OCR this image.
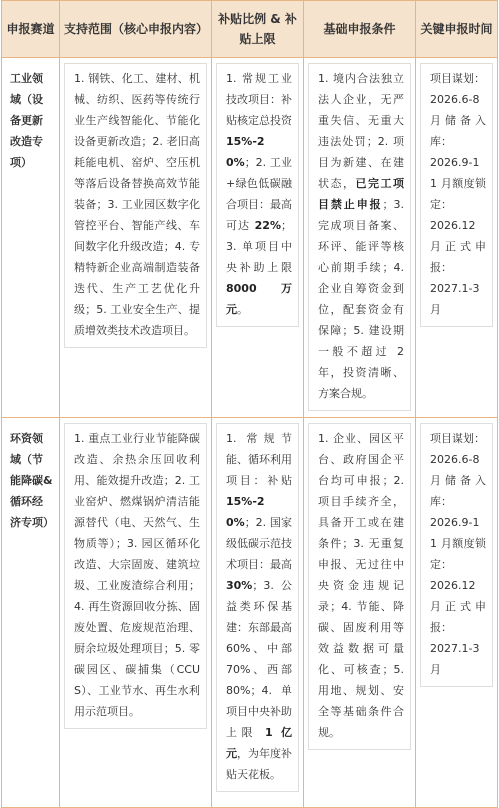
申报赛道	支持范围（核心申报内容）	补贴比例 & 补贴上限	基础申报条件	关键申报时间
工业领域（设备更新改造专项）	1. 钢铁、化工、建材、机械、纺织、医药等传统行业生产线智能化、节能化设备更新改造；2. 老旧高耗能电机、窑炉、空压机等落后设备替换高效节能装备；3. 工业园区数字化管控平台、智能产线、车间数字化升级改造；4. 专精特新企业高端制造装备迭代、生产工艺优化升级；5. 工业安全生产、提质增效类技术改造项目。	1. 常规工业技改项目：补贴核定总投资 15%-20%；2. 工业+绿色低碳融合项目：最高可达 22%；3. 单项目中央补助上限 8000 万元。	1. 境内合法独立法人企业，无严重失信、无重大违法处罚；2. 项目为新建、在建状态，已完工项目禁止申报；3. 完成项目备案、环评、能评等核心前期手续；4. 企业自筹资金到位，配套资金有保障；5. 建设期一般不超过 2 年，投资清晰、方案合规。	项目谋划：
2026.6-8 月储备入库：
2026.9-11 月额度锁定：
2026.12 月正式申报：
2027.1-3 月

环资领域（节能降碳&循环经济专项）	1. 重点工业行业节能降碳改造、余热余压回收利用、能效提升改造；2. 工业窑炉、燃煤锅炉清洁能源替代（电、天然气、生物质等）；3. 园区循环化改造、大宗固废、建筑垃圾、工业废渣综合利用；4. 再生资源回收分拣、固废处置、危废规范治理、厨余垃圾处理项目；5. 零碳园区、碳捕集（CCUS）、工业节水、再生水利用示范项目。	1. 常规节能、循环利用项目：补贴 15%-20%；2. 国家级低碳示范技术项目：最高 30%；3. 公益类环保基建：东部最高 60%、中部 70%、西部 80%；4. 单项目中央补助上限 1 亿元，为年度补贴天花板。	1. 企业、园区平台、政府国企平台均可申报；2. 项目手续齐全，具备开工或在建条件；3. 无重复申报、无过往中央资金违规记录；4. 节能、降碳、固废利用等效益数据可量化、可核查；5. 用地、规划、安全等基础条件合规。	项目谋划：
2026.6-8 月储备入库：
2026.9-11 月额度锁定：
2026.12 月正式申报：
2027.1-3 月
